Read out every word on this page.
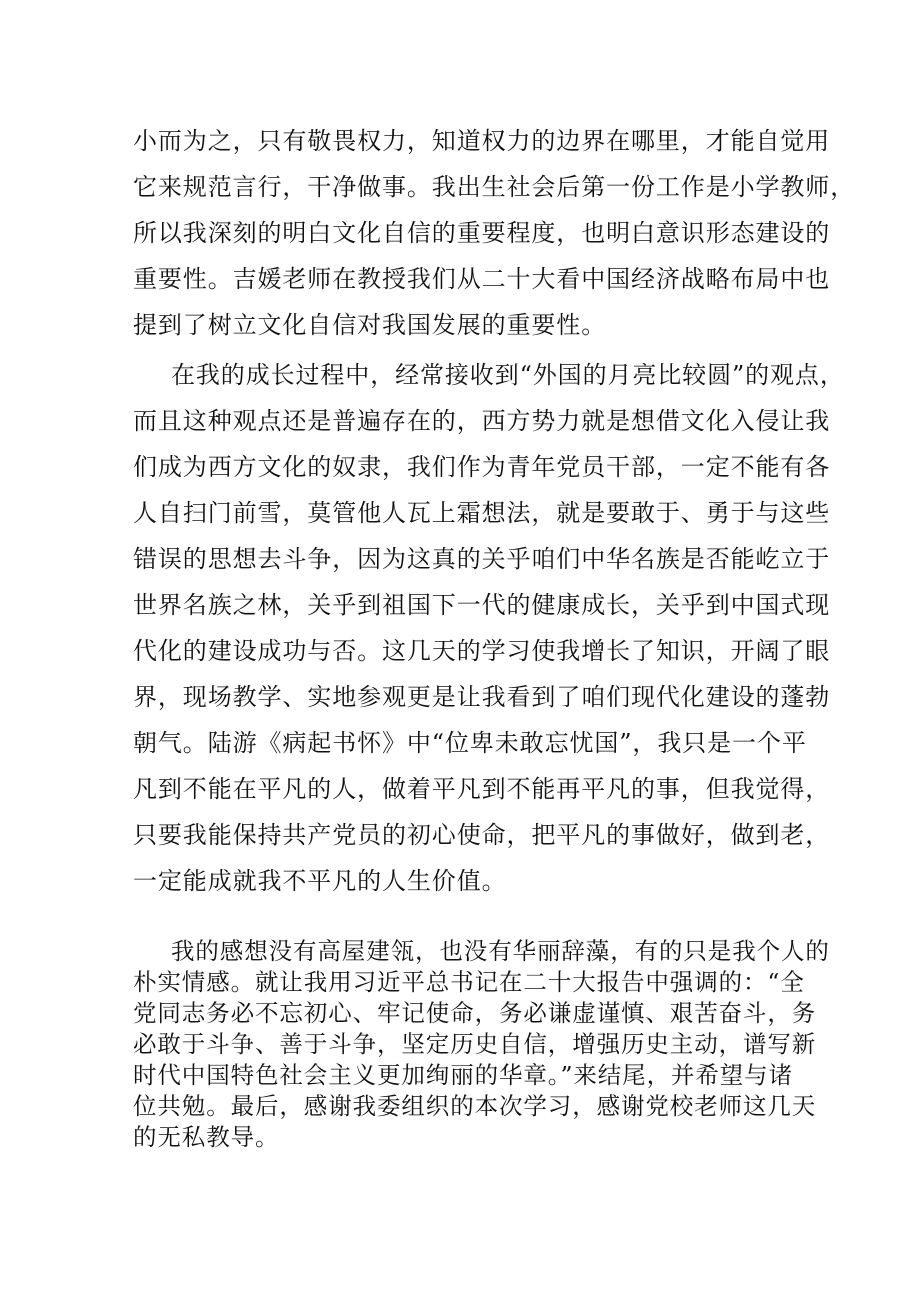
小而为之，只有敬畏权力，知道权力的边界在哪里，才能自觉用
它来规范言行，干净做事。我出生社会后第一份工作是小学教师，
所以我深刻的明白文化自信的重要程度，也明白意识形态建设的
重要性。吉媛老师在教授我们从二十大看中国经济战略布局中也
提到了树立文化自信对我国发展的重要性。
在我的成长过程中，经常接收到“外国的月亮比较圆”的观点，
而且这种观点还是普遍存在的，西方势力就是想借文化入侵让我
们成为西方文化的奴隶，我们作为青年党员干部，一定不能有各
人自扫门前雪，莫管他人瓦上霜想法，就是要敢于、勇于与这些
错误的思想去斗争，因为这真的关乎咱们中华名族是否能屹立于
世界名族之林，关乎到祖国下一代的健康成长，关乎到中国式现
代化的建设成功与否。这几天的学习使我增长了知识，开阔了眼
界，现场教学、实地参观更是让我看到了咱们现代化建设的蓬勃
朝气。陆游《病起书怀》中“位卑未敢忘忧国”，我只是一个平
凡到不能在平凡的人，做着平凡到不能再平凡的事，但我觉得，
只要我能保持共产党员的初心使命，把平凡的事做好，做到老，
一定能成就我不平凡的人生价值。
我的感想没有高屋建瓴，也没有华丽辞藻，有的只是我个人的
朴实情感。就让我用习近平总书记在二十大报告中强调的：“全
党同志务必不忘初心、牢记使命，务必谦虚谨慎、艰苦奋斗，务
必敢于斗争、善于斗争，坚定历史自信，增强历史主动，谱写新
时代中国特色社会主义更加绚丽的华章。”来结尾，并希望与诸
位共勉。最后，感谢我委组织的本次学习，感谢党校老师这几天
的无私教导。
